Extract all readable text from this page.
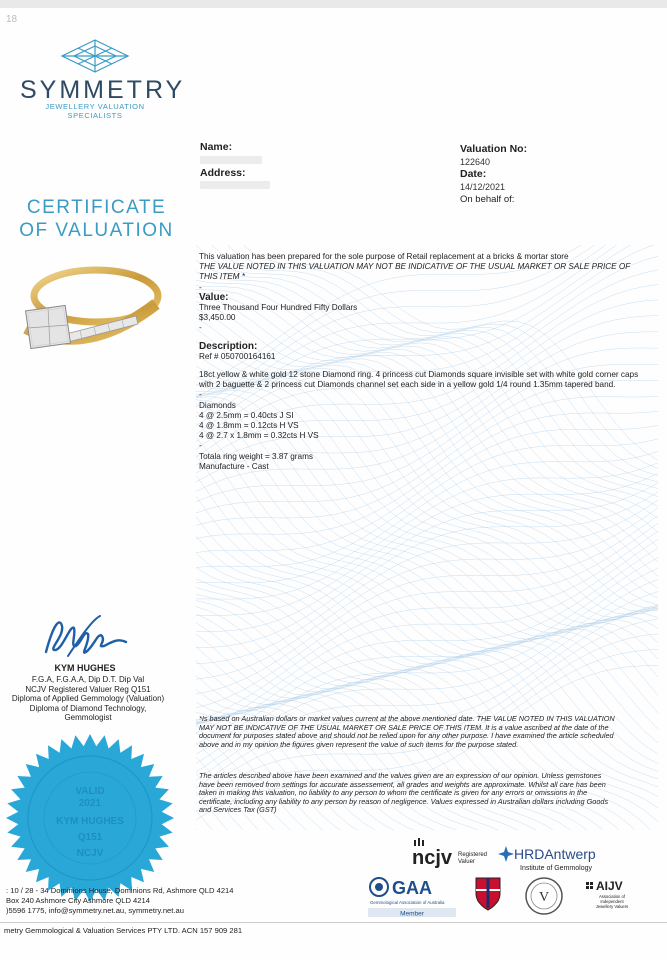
18
SYMMETRY
JEWELLERY VALUATION SPECIALISTS
CERTIFICATE
OF VALUATION
Name:
Address:
Valuation No:
122640
Date:
14/12/2021
On behalf of:

This valuation has been prepared for the sole purpose of Retail replacement at a bricks & mortar store

THE VALUE NOTED IN THIS VALUATION MAY NOT BE INDICATIVE OF THE USUAL MARKET OR SALE PRICE OF THIS ITEM *

-

Value:

Three Thousand Four Hundred Fifty Dollars

$3,450.00

-

Description:

Ref # 050700164161

18ct yellow & white gold 12 stone Diamond ring. 4 princess cut Diamonds square invisible set with white gold corner caps with 2 baguette & 2 princess cut Diamonds channel set each side in a yellow gold 1/4 round 1.35mm tapered band.

-

Diamonds

4 @ 2.5mm = 0.40cts J SI

4 @ 1.8mm = 0.12cts H VS

4 @ 2.7 x 1.8mm = 0.32cts H VS

-

Totala ring weight = 3.87 grams

Manufacture - Cast

*Is based on Australian dollars or market values current at the above mentioned date. THE VALUE NOTED IN THIS VALUATION MAY NOT BE INDICATIVE OF THE USUAL MARKET OR SALE PRICE OF THIS ITEM. It is a value ascribed at the date of the document for purposes stated above and should not be relied upon for any other purpose. I have examined the article scheduled above and in my opinion the figures given represent the value of such items for the purpose stated.
The articles described above have been examined and the values given are an expression of our opinion. Unless gemstones have been removed from settings for accurate assessement, all grades and weights are approximate. Whilst all care has been taken in making this valuation, no liability to any person to whom the certificate is given for any errors or omissions in the certificate, including any liability to any person by reason of negligence. Values expressed in Australian dollars including Goods and Services Tax (GST)
KYM HUGHES
F.G.A, F.G.A.A, Dip D.T. Dip Val
NCJV Registered Valuer Reg Q151
Diploma of Applied Gemmology (Valuation)
Diploma of Diamond Technology,
Gemmologist
VALID
2021
KYM HUGHES
Q151
NCJV
: 10 / 28 - 34 Dominions House, Dominions Rd, Ashmore QLD 4214
Box 240 Ashmore City Ashmore QLD 4214
)5596 1775, info@symmetry.net.au, symmetry.net.au
metry Gemmological & Valuation Services PTY LTD. ACN 157 909 281
ncjv Registered
Valuer	HRDAntwerp
Institute of Gemmology
GAA
Gemmological Association of Australia
Member
V
AIJV
Association of
Independent
Jewellery Valuers
